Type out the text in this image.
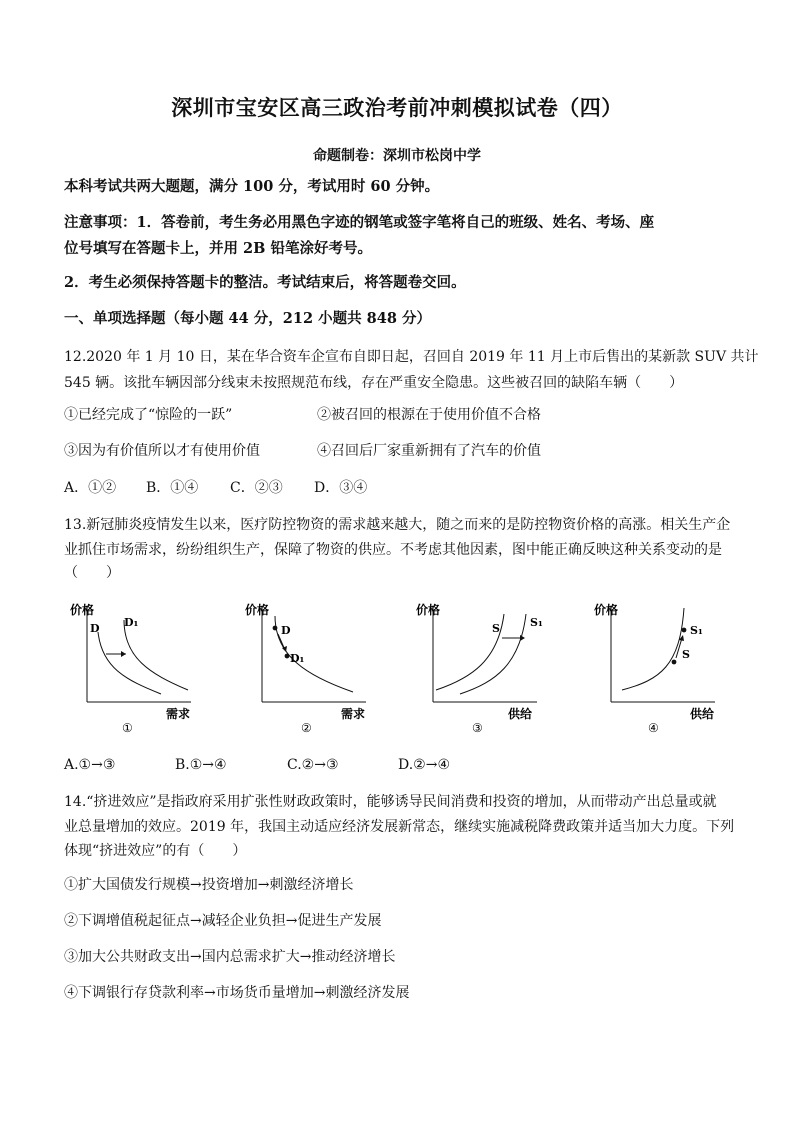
深圳市宝安区高三政治考前冲刺模拟试卷（四）
命题制卷：深圳市松岗中学
本科考试共两大题题，满分 100 分，考试用时 60 分钟。
注意事项：1．答卷前，考生务必用黑色字迹的钢笔或签字笔将自己的班级、姓名、考场、座
位号填写在答题卡上，并用 2B 铅笔涂好考号。
2．考生必须保持答题卡的整洁。考试结束后，将答题卷交回。
一、单项选择题（每小题 44 分，212 小题共 848 分）
12.2020 年 1 月 10 日，某在华合资车企宣布自即日起，召回自 2019 年 11 月上市后售出的某新款 SUV 共计
545 辆。该批车辆因部分线束未按照规范布线，存在严重安全隐患。这些被召回的缺陷车辆（　　）
①已经完成了“惊险的一跃”	②被召回的根源在于使用价值不合格
③因为有价值所以才有使用价值	④召回后厂家重新拥有了汽车的价值
A．①②	B．①④	C．②③	D．③④
13.新冠肺炎疫情发生以来，医疗防控物资的需求越来越大，随之而来的是防控物资价格的高涨。相关生产企
业抓住市场需求，纷纷组织生产，保障了物资的供应。不考虑其他因素，图中能正确反映这种关系变动的是
（　　）
价格
D D₁
需求
①
价格
D
D₁
需求
②
价格
S	S₁
供给
③
价格
S
S₁
供给
④
A.①→③	B.①→④	C.②→③	D.②→④
14.“挤进效应”是指政府采用扩张性财政政策时，能够诱导民间消费和投资的增加，从而带动产出总量或就
业总量增加的效应。2019 年，我国主动适应经济发展新常态，继续实施减税降费政策并适当加大力度。下列
体现“挤进效应”的有（　　）
①扩大国债发行规模→投资增加→刺激经济增长
②下调增值税起征点→减轻企业负担→促进生产发展
③加大公共财政支出→国内总需求扩大→推动经济增长
④下调银行存贷款利率→市场货币量增加→刺激经济发展
